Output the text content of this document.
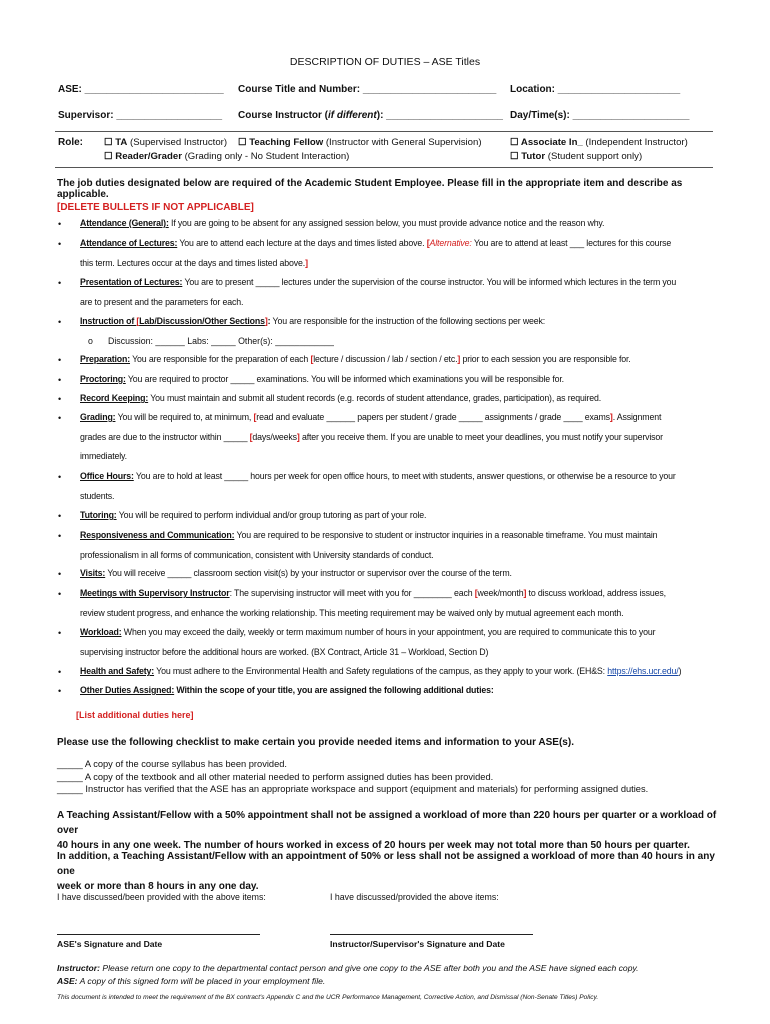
DESCRIPTION OF DUTIES – ASE Titles
ASE: _________________________ Course Title and Number: ________________________ Location: ______________________
Supervisor: ___________________ Course Instructor (if different): _____________________ Day/Time(s): _____________________
Role: ☐ TA (Supervised Instructor) ☐ Teaching Fellow (Instructor with General Supervision)	☐ Associate In_ (Independent Instructor)
☐ Reader/Grader (Grading only - No Student Interaction)	☐ Tutor (Student support only)
The job duties designated below are required of the Academic Student Employee. Please fill in the appropriate item and describe as applicable.
[DELETE BULLETS IF NOT APPLICABLE]
• Attendance (General): If you are going to be absent for any assigned session below, you must provide advance notice and the reason why.
• Attendance of Lectures: You are to attend each lecture at the days and times listed above. [Alternative: You are to attend at least ___ lectures for this course
this term. Lectures occur at the days and times listed above.]
• Presentation of Lectures: You are to present _____ lectures under the supervision of the course instructor. You will be informed which lectures in the term you
are to present and the parameters for each.
• Instruction of [Lab/Discussion/Other Sections]: You are responsible for the instruction of the following sections per week:
o Discussion: ______ Labs: _____ Other(s): ____________
• Preparation: You are responsible for the preparation of each [lecture / discussion / lab / section / etc.] prior to each session you are responsible for.
• Proctoring: You are required to proctor _____ examinations. You will be informed which examinations you will be responsible for.
• Record Keeping: You must maintain and submit all student records (e.g. records of student attendance, grades, participation), as required.
• Grading: You will be required to, at minimum, [read and evaluate ______ papers per student / grade _____ assignments / grade ____ exams]. Assignment
grades are due to the instructor within _____ [days/weeks] after you receive them. If you are unable to meet your deadlines, you must notify your supervisor
immediately.
• Office Hours: You are to hold at least _____ hours per week for open office hours, to meet with students, answer questions, or otherwise be a resource to your
students.
• Tutoring: You will be required to perform individual and/or group tutoring as part of your role.
• Responsiveness and Communication: You are required to be responsive to student or instructor inquiries in a reasonable timeframe. You must maintain
professionalism in all forms of communication, consistent with University standards of conduct.
• Visits: You will receive _____ classroom section visit(s) by your instructor or supervisor over the course of the term.
• Meetings with Supervisory Instructor: The supervising instructor will meet with you for ________ each [week/month] to discuss workload, address issues,
review student progress, and enhance the working relationship. This meeting requirement may be waived only by mutual agreement each month.
• Workload: When you may exceed the daily, weekly or term maximum number of hours in your appointment, you are required to communicate this to your
supervising instructor before the additional hours are worked. (BX Contract, Article 31 – Workload, Section D)
• Health and Safety: You must adhere to the Environmental Health and Safety regulations of the campus, as they apply to your work. (EH&S: https://ehs.ucr.edu/)
• Other Duties Assigned: Within the scope of your title, you are assigned the following additional duties:
[List additional duties here]
Please use the following checklist to make certain you provide needed items and information to your ASE(s).
_____ A copy of the course syllabus has been provided.
_____ A copy of the textbook and all other material needed to perform assigned duties has been provided.
_____ Instructor has verified that the ASE has an appropriate workspace and support (equipment and materials) for performing assigned duties.
A Teaching Assistant/Fellow with a 50% appointment shall not be assigned a workload of more than 220 hours per quarter or a workload of over
40 hours in any one week. The number of hours worked in excess of 20 hours per week may not total more than 50 hours per quarter.
In addition, a Teaching Assistant/Fellow with an appointment of 50% or less shall not be assigned a workload of more than 40 hours in any one
week or more than 8 hours in any one day.
I have discussed/been provided with the above items:	I have discussed/provided the above items:
ASE's Signature and Date	Instructor/Supervisor's Signature and Date
Instructor: Please return one copy to the departmental contact person and give one copy to the ASE after both you and the ASE have signed each copy.
ASE: A copy of this signed form will be placed in your employment file.
This document is intended to meet the requirement of the BX contract's Appendix C and the UCR Performance Management, Corrective Action, and Dismissal (Non-Senate Titles) Policy.
